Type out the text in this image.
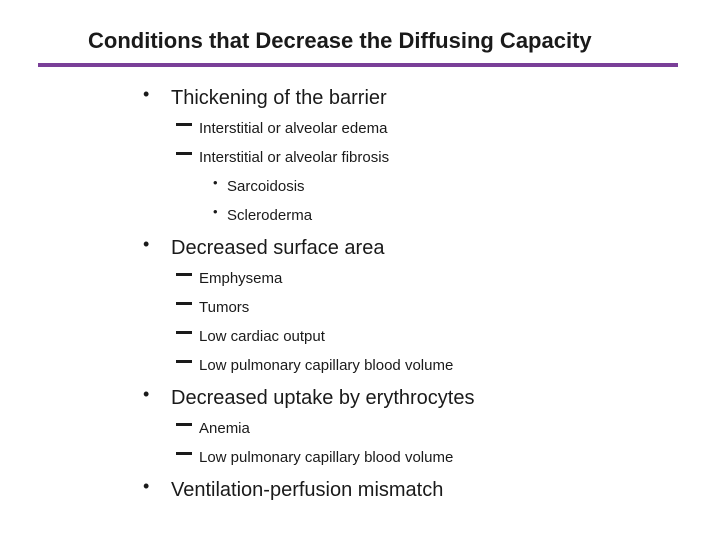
Conditions that Decrease the Diffusing Capacity
• Thickening of the barrier
Interstitial or alveolar edema
Interstitial or alveolar fibrosis
• Sarcoidosis
• Scleroderma
• Decreased surface area
Emphysema
Tumors
Low cardiac output
Low pulmonary capillary blood volume
• Decreased uptake by erythrocytes
Anemia
Low pulmonary capillary blood volume
• Ventilation-perfusion mismatch
